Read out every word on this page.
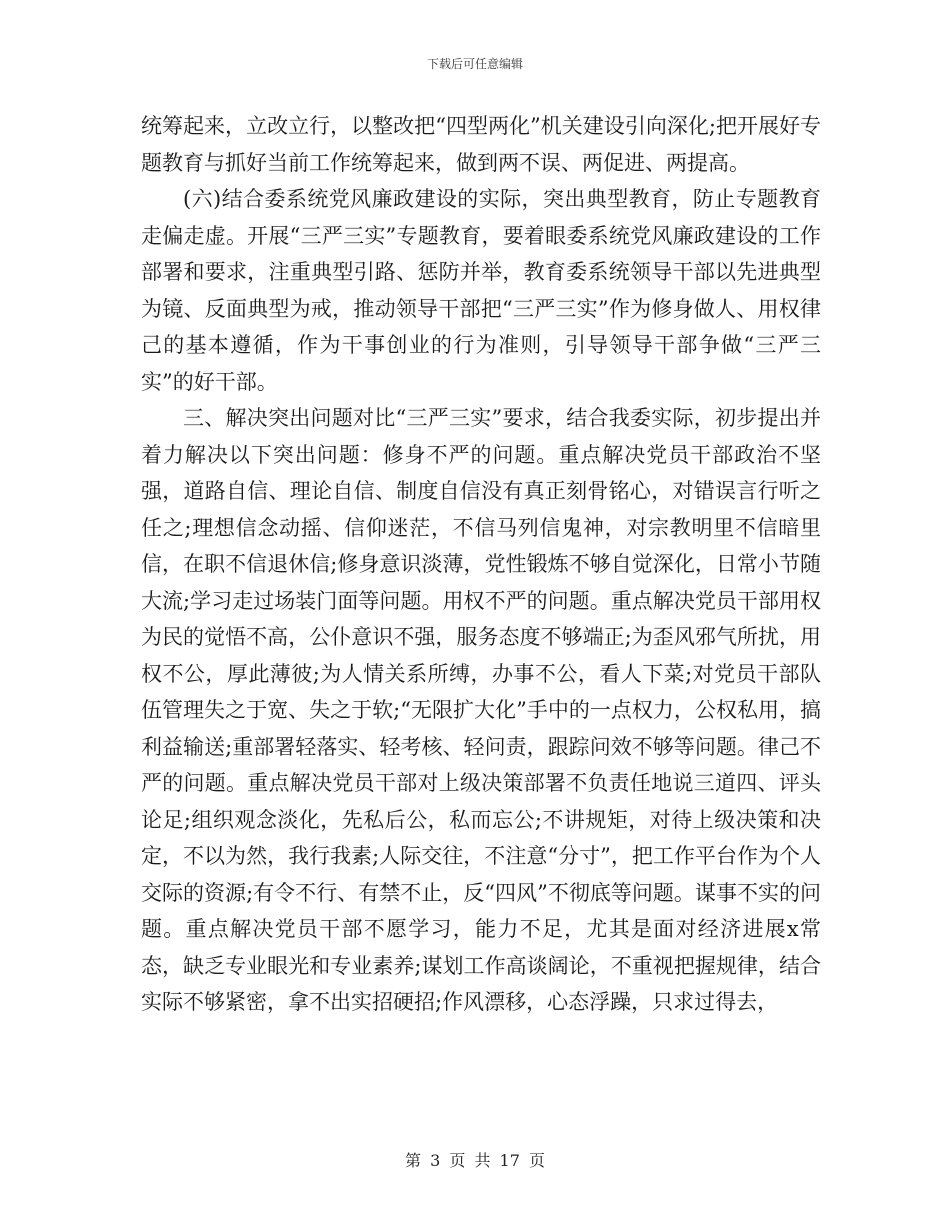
下载后可任意编辑

统筹起来，立改立行，以整改把“四型两化”机关建设引向深化;把开展好专题教育与抓好当前工作统筹起来，做到两不误、两促进、两提高。

(六)结合委系统党风廉政建设的实际，突出典型教育，防止专题教育走偏走虚。开展“三严三实”专题教育，要着眼委系统党风廉政建设的工作部署和要求，注重典型引路、惩防并举，教育委系统领导干部以先进典型为镜、反面典型为戒，推动领导干部把“三严三实”作为修身做人、用权律己的基本遵循，作为干事创业的行为准则，引导领导干部争做“三严三实”的好干部。

三、解决突出问题对比“三严三实”要求，结合我委实际，初步提出并着力解决以下突出问题：修身不严的问题。重点解决党员干部政治不坚强，道路自信、理论自信、制度自信没有真正刻骨铭心，对错误言行听之任之;理想信念动摇、信仰迷茫，不信马列信鬼神，对宗教明里不信暗里信，在职不信退休信;修身意识淡薄，党性锻炼不够自觉深化，日常小节随大流;学习走过场装门面等问题。用权不严的问题。重点解决党员干部用权为民的觉悟不高，公仆意识不强，服务态度不够端正;为歪风邪气所扰，用权不公，厚此薄彼;为人情关系所缚，办事不公，看人下菜;对党员干部队伍管理失之于宽、失之于软;“无限扩大化”手中的一点权力，公权私用，搞利益输送;重部署轻落实、轻考核、轻问责，跟踪问效不够等问题。律己不严的问题。重点解决党员干部对上级决策部署不负责任地说三道四、评头论足;组织观念淡化，先私后公，私而忘公;不讲规矩，对待上级决策和决定，不以为然，我行我素;人际交往，不注意“分寸”，把工作平台作为个人交际的资源;有令不行、有禁不止，反“四风”不彻底等问题。谋事不实的问题。重点解决党员干部不愿学习，能力不足，尤其是面对经济进展x常态，缺乏专业眼光和专业素养;谋划工作高谈阔论，不重视把握规律，结合实际不够紧密，拿不出实招硬招;作风漂移，心态浮躁，只求过得去，

第 3 页 共 17 页
